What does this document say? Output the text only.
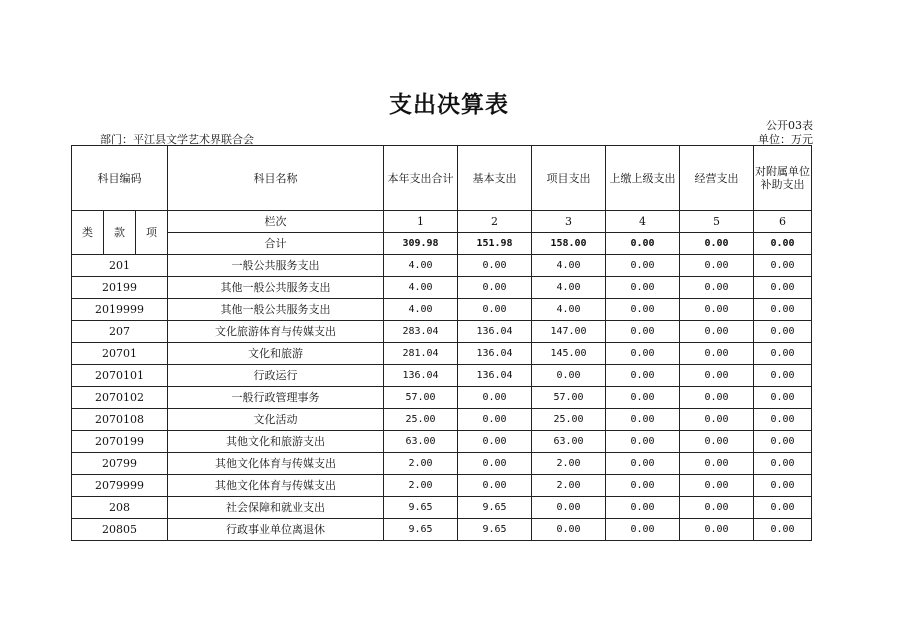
支出决算表
公开03表
部门：平江县文学艺术界联合会	单位：万元
科目编码			科目名称	本年支出合计	基本支出	项目支出	上缴上级支出	经营支出	对附属单位补助支出
类	款	项	栏次	1	2	3	4	5	6
			合计	309.98	151.98	158.00	0.00	0.00	0.00
201			一般公共服务支出	4.00	0.00	4.00	0.00	0.00	0.00
20199			其他一般公共服务支出	4.00	0.00	4.00	0.00	0.00	0.00
2019999			其他一般公共服务支出	4.00	0.00	4.00	0.00	0.00	0.00
207			文化旅游体育与传媒支出	283.04	136.04	147.00	0.00	0.00	0.00
20701			文化和旅游	281.04	136.04	145.00	0.00	0.00	0.00
2070101			行政运行	136.04	136.04	0.00	0.00	0.00	0.00
2070102			一般行政管理事务	57.00	0.00	57.00	0.00	0.00	0.00
2070108			文化活动	25.00	0.00	25.00	0.00	0.00	0.00
2070199			其他文化和旅游支出	63.00	0.00	63.00	0.00	0.00	0.00
20799			其他文化体育与传媒支出	2.00	0.00	2.00	0.00	0.00	0.00
2079999			其他文化体育与传媒支出	2.00	0.00	2.00	0.00	0.00	0.00
208			社会保障和就业支出	9.65	9.65	0.00	0.00	0.00	0.00
20805			行政事业单位离退休	9.65	9.65	0.00	0.00	0.00	0.00
